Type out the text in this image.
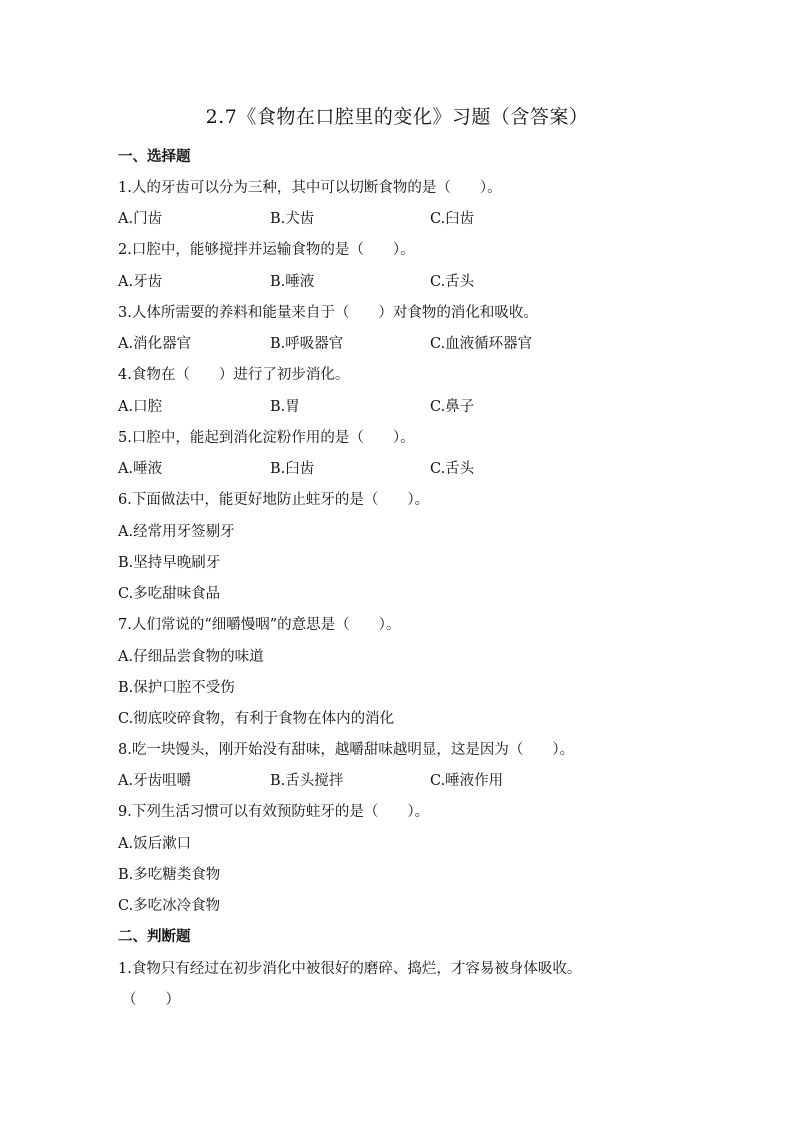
2.7《食物在口腔里的变化》习题（含答案）
一、选择题
1.人的牙齿可以分为三种，其中可以切断食物的是（　　）。
A.门齿	B.犬齿	C.臼齿
2.口腔中，能够搅拌并运输食物的是（　　）。
A.牙齿	B.唾液	C.舌头
3.人体所需要的养料和能量来自于（　　）对食物的消化和吸收。
A.消化器官	B.呼吸器官	C.血液循环器官
4.食物在（　　）进行了初步消化。
A.口腔	B.胃	C.鼻子
5.口腔中，能起到消化淀粉作用的是（　　）。
A.唾液	B.臼齿	C.舌头
6.下面做法中，能更好地防止蛀牙的是（　　）。
A.经常用牙签剔牙
B.坚持早晚刷牙
C.多吃甜味食品
7.人们常说的“细嚼慢咽”的意思是（　　）。
A.仔细品尝食物的味道
B.保护口腔不受伤
C.彻底咬碎食物，有利于食物在体内的消化
8.吃一块馒头，刚开始没有甜味，越嚼甜味越明显，这是因为（　　）。
A.牙齿咀嚼	B.舌头搅拌	C.唾液作用
9.下列生活习惯可以有效预防蛀牙的是（　　）。
A.饭后漱口
B.多吃糖类食物
C.多吃冰冷食物
二、判断题
1.食物只有经过在初步消化中被很好的磨碎、捣烂，才容易被身体吸收。
（　　）
